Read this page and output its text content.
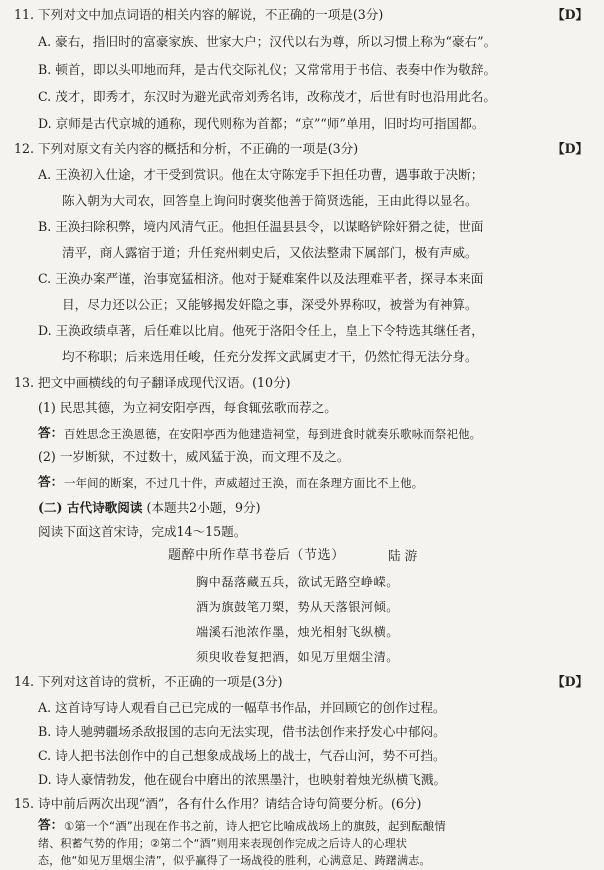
11. 下列对文中加点词语的相关内容的解说，不正确的一项是(3分)	【D】
A. 豪右，指旧时的富豪家族、世家大户；汉代以右为尊，所以习惯上称为“豪右”。
B. 顿首，即以头叩地而拜，是古代交际礼仪；又常常用于书信、表奏中作为敬辞。
C. 茂才，即秀才，东汉时为避光武帝刘秀名讳，改称茂才，后世有时也沿用此名。
D. 京师是古代京城的通称，现代则称为首都；“京”“师”单用，旧时均可指国都。
12. 下列对原文有关内容的概括和分析，不正确的一项是(3分)	【D】
A. 王涣初入仕途，才干受到赏识。他在太守陈宠手下担任功曹，遇事敢于决断；
陈入朝为大司农，回答皇上询问时褒奖他善于简贤选能，王由此得以显名。
B. 王涣扫除积弊，境内风清气正。他担任温县县令，以谋略铲除奸猾之徒，世面
清平，商人露宿于道；升任兖州刺史后，又依法整肃下属部门，极有声威。
C. 王涣办案严谨，治事宽猛相济。他对于疑难案件以及法理难平者，探寻本来面
目，尽力还以公正；又能够揭发奸隐之事，深受外界称叹，被誉为有神算。
D. 王涣政绩卓著，后任难以比肩。他死于洛阳令任上，皇上下令特选其继任者，
均不称职；后来选用任峻，任充分发挥文武属吏才干，仍然忙得无法分身。
13. 把文中画横线的句子翻译成现代汉语。(10分)
(1) 民思其德，为立祠安阳亭西，每食辄弦歌而荐之。
答： 百姓思念王涣恩德，在安阳亭西为他建造祠堂，每到进食时就奏乐歌咏而祭祀他。
(2) 一岁断狱，不过数十，威风猛于涣，而文理不及之。
答： 一年间的断案，不过几十件，声威超过王涣，而在条理方面比不上他。
(二) 古代诗歌阅读 (本题共2小题，9分)
阅读下面这首宋诗，完成14～15题。
题醉中所作草书卷后（节选）	陆 游
胸中磊落藏五兵，欲试无路空峥嵘。
酒为旗鼓笔刀槊，势从天落银河倾。
端溪石池浓作墨，烛光相射飞纵横。
须臾收卷复把酒，如见万里烟尘清。
14. 下列对这首诗的赏析，不正确的一项是(3分)	【D】
A. 这首诗写诗人观看自己已完成的一幅草书作品，并回顾它的创作过程。
B. 诗人驰骋疆场杀敌报国的志向无法实现，借书法创作来抒发心中郁闷。
C. 诗人把书法创作中的自己想象成战场上的战士，气吞山河，势不可挡。
D. 诗人豪情勃发，他在砚台中磨出的浓黑墨汁，也映射着烛光纵横飞溅。
15. 诗中前后两次出现“酒”，各有什么作用？请结合诗句简要分析。(6分)
答： ①第一个“酒”出现在作书之前，诗人把它比喻成战场上的旗鼓，起到酝酿情
绪、积蓄气势的作用；②第二个“酒”则用来表现创作完成之后诗人的心理状
态，他“如见万里烟尘清”，似乎赢得了一场战役的胜利，心满意足、踌躇满志。
